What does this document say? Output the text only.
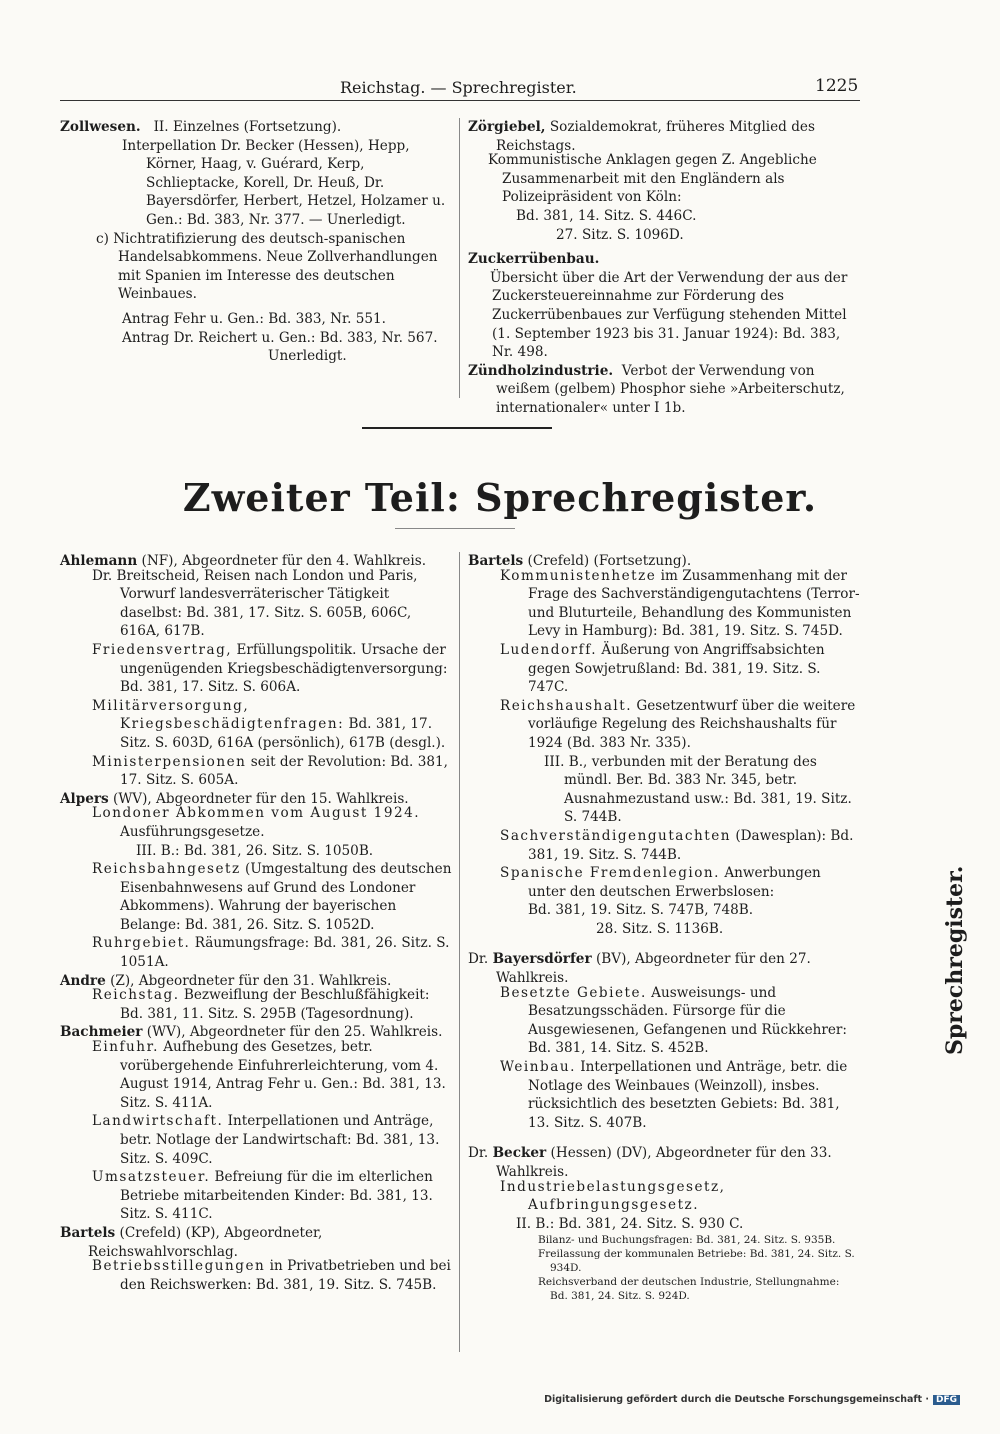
Reichstag. — Sprechregister.	1225

Zollwesen. II. Einzelnes (Fortsetzung).

Interpellation Dr. Becker (Hessen), Hepp, Körner, Haag, v. Guérard, Kerp, Schlieptacke, Korell, Dr. Heuß, Dr. Bayersdörfer, Herbert, Hetzel, Holzamer u. Gen.: Bd. 383, Nr. 377. — Unerledigt.

c) Nichtratifizierung des deutsch-spanischen Handelsabkommens. Neue Zollverhandlungen mit Spanien im Interesse des deutschen Weinbaues.

Antrag Fehr u. Gen.: Bd. 383, Nr. 551.

Antrag Dr. Reichert u. Gen.: Bd. 383, Nr. 567.

Unerledigt.

Zörgiebel, Sozialdemokrat, früheres Mitglied des Reichstags.

Kommunistische Anklagen gegen Z. Angebliche Zusammenarbeit mit den Engländern als Polizeipräsident von Köln:

Bd. 381, 14. Sitz. S. 446C.

27. Sitz. S. 1096D.

Zuckerrübenbau.

Übersicht über die Art der Verwendung der aus der Zuckersteuereinnahme zur Förderung des Zuckerrübenbaues zur Verfügung stehenden Mittel (1. September 1923 bis 31. Januar 1924): Bd. 383, Nr. 498.

Zündholzindustrie. Verbot der Verwendung von weißem (gelbem) Phosphor siehe »Arbeiterschutz, internationaler« unter I 1b.

Zweiter Teil: Sprechregister.

Ahlemann (NF), Abgeordneter für den 4. Wahlkreis.

Dr. Breitscheid, Reisen nach London und Paris, Vorwurf landesverräterischer Tätigkeit daselbst: Bd. 381, 17. Sitz. S. 605B, 606C, 616A, 617B.

Friedensvertrag, Erfüllungspolitik. Ursache der ungenügenden Kriegsbeschädigtenversorgung: Bd. 381, 17. Sitz. S. 606A.

Militärversorgung, Kriegsbeschädigtenfragen: Bd. 381, 17. Sitz. S. 603D, 616A (persönlich), 617B (desgl.).

Ministerpensionen seit der Revolution: Bd. 381, 17. Sitz. S. 605A.

Alpers (WV), Abgeordneter für den 15. Wahlkreis.

Londoner Abkommen vom August 1924. Ausführungsgesetze.

III. B.: Bd. 381, 26. Sitz. S. 1050B.

Reichsbahngesetz (Umgestaltung des deutschen Eisenbahnwesens auf Grund des Londoner Abkommens). Wahrung der bayerischen Belange: Bd. 381, 26. Sitz. S. 1052D.

Ruhrgebiet. Räumungsfrage: Bd. 381, 26. Sitz. S. 1051A.

Andre (Z), Abgeordneter für den 31. Wahlkreis.

Reichstag. Bezweiflung der Beschlußfähigkeit: Bd. 381, 11. Sitz. S. 295B (Tagesordnung).

Bachmeier (WV), Abgeordneter für den 25. Wahlkreis.

Einfuhr. Aufhebung des Gesetzes, betr. vorübergehende Einfuhrerleichterung, vom 4. August 1914, Antrag Fehr u. Gen.: Bd. 381, 13. Sitz. S. 411A.

Landwirtschaft. Interpellationen und Anträge, betr. Notlage der Landwirtschaft: Bd. 381, 13. Sitz. S. 409C.

Umsatzsteuer. Befreiung für die im elterlichen Betriebe mitarbeitenden Kinder: Bd. 381, 13. Sitz. S. 411C.

Bartels (Crefeld) (KP), Abgeordneter, Reichswahlvorschlag.

Betriebsstillegungen in Privatbetrieben und bei den Reichswerken: Bd. 381, 19. Sitz. S. 745B.

Bartels (Crefeld) (Fortsetzung).

Kommunistenhetze im Zusammenhang mit der Frage des Sachverständigengutachtens (Terror- und Bluturteile, Behandlung des Kommunisten Levy in Hamburg): Bd. 381, 19. Sitz. S. 745D.

Ludendorff. Äußerung von Angriffsabsichten gegen Sowjetrußland: Bd. 381, 19. Sitz. S. 747C.

Reichshaushalt. Gesetzentwurf über die weitere vorläufige Regelung des Reichshaushalts für 1924 (Bd. 383 Nr. 335).

III. B., verbunden mit der Beratung des mündl. Ber. Bd. 383 Nr. 345, betr. Ausnahmezustand usw.: Bd. 381, 19. Sitz. S. 744B.

Sachverständigengutachten (Dawesplan): Bd. 381, 19. Sitz. S. 744B.

Spanische Fremdenlegion. Anwerbungen unter den deutschen Erwerbslosen:

Bd. 381, 19. Sitz. S. 747B, 748B.

28. Sitz. S. 1136B.

Dr. Bayersdörfer (BV), Abgeordneter für den 27. Wahlkreis.

Besetzte Gebiete. Ausweisungs- und Besatzungsschäden. Fürsorge für die Ausgewiesenen, Gefangenen und Rückkehrer: Bd. 381, 14. Sitz. S. 452B.

Weinbau. Interpellationen und Anträge, betr. die Notlage des Weinbaues (Weinzoll), insbes. rücksichtlich des besetzten Gebiets: Bd. 381, 13. Sitz. S. 407B.

Dr. Becker (Hessen) (DV), Abgeordneter für den 33. Wahlkreis.

Industriebelastungsgesetz, Aufbringungsgesetz.

II. B.: Bd. 381, 24. Sitz. S. 930 C.

Bilanz- und Buchungsfragen: Bd. 381, 24. Sitz. S. 935B.

Freilassung der kommunalen Betriebe: Bd. 381, 24. Sitz. S. 934D.

Reichsverband der deutschen Industrie, Stellungnahme: Bd. 381, 24. Sitz. S. 924D.

Sprechregister.
Digitalisierung gefördert durch die Deutsche Forschungsgemeinschaft · DFG
